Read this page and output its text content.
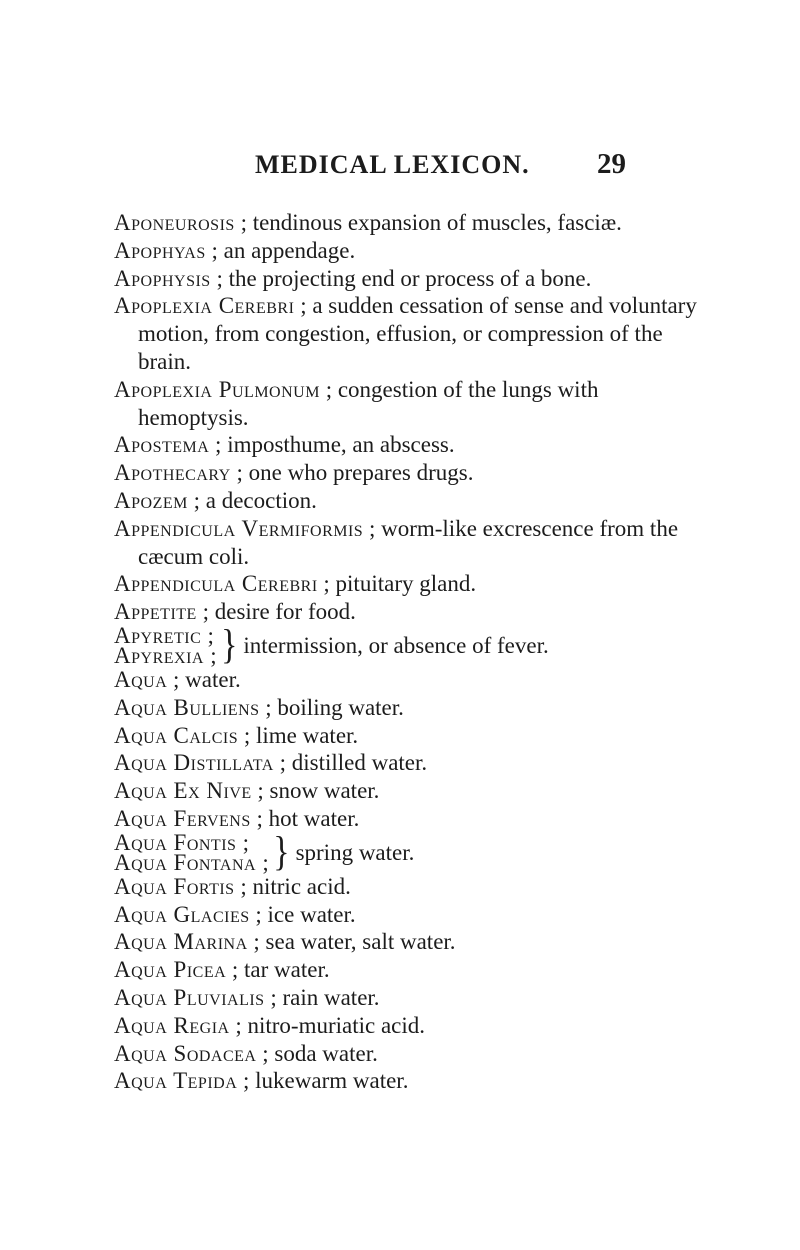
MEDICAL LEXICON. 29

Aponeurosis ; tendinous expansion of muscles, fasciæ.

Apophyas ; an appendage.

Apophysis ; the projecting end or process of a bone.

Apoplexia Cerebri ; a sudden cessation of sense and voluntary motion, from congestion, effusion, or compression of the brain.

Apoplexia Pulmonum ; congestion of the lungs with hemoptysis.

Apostema ; imposthume, an abscess.

Apothecary ; one who prepares drugs.

Apozem ; a decoction.

Appendicula Vermiformis ; worm-like excrescence from the cæcum coli.

Appendicula Cerebri ; pituitary gland.

Appetite ; desire for food.

Apyretic ;
Apyrexia ; } intermission, or absence of fever.

Aqua ; water.

Aqua Bulliens ; boiling water.

Aqua Calcis ; lime water.

Aqua Distillata ; distilled water.

Aqua Ex Nive ; snow water.

Aqua Fervens ; hot water.

Aqua Fontis ;
Aqua Fontana ; } spring water.

Aqua Fortis ; nitric acid.

Aqua Glacies ; ice water.

Aqua Marina ; sea water, salt water.

Aqua Picea ; tar water.

Aqua Pluvialis ; rain water.

Aqua Regia ; nitro-muriatic acid.

Aqua Sodacea ; soda water.

Aqua Tepida ; lukewarm water.
